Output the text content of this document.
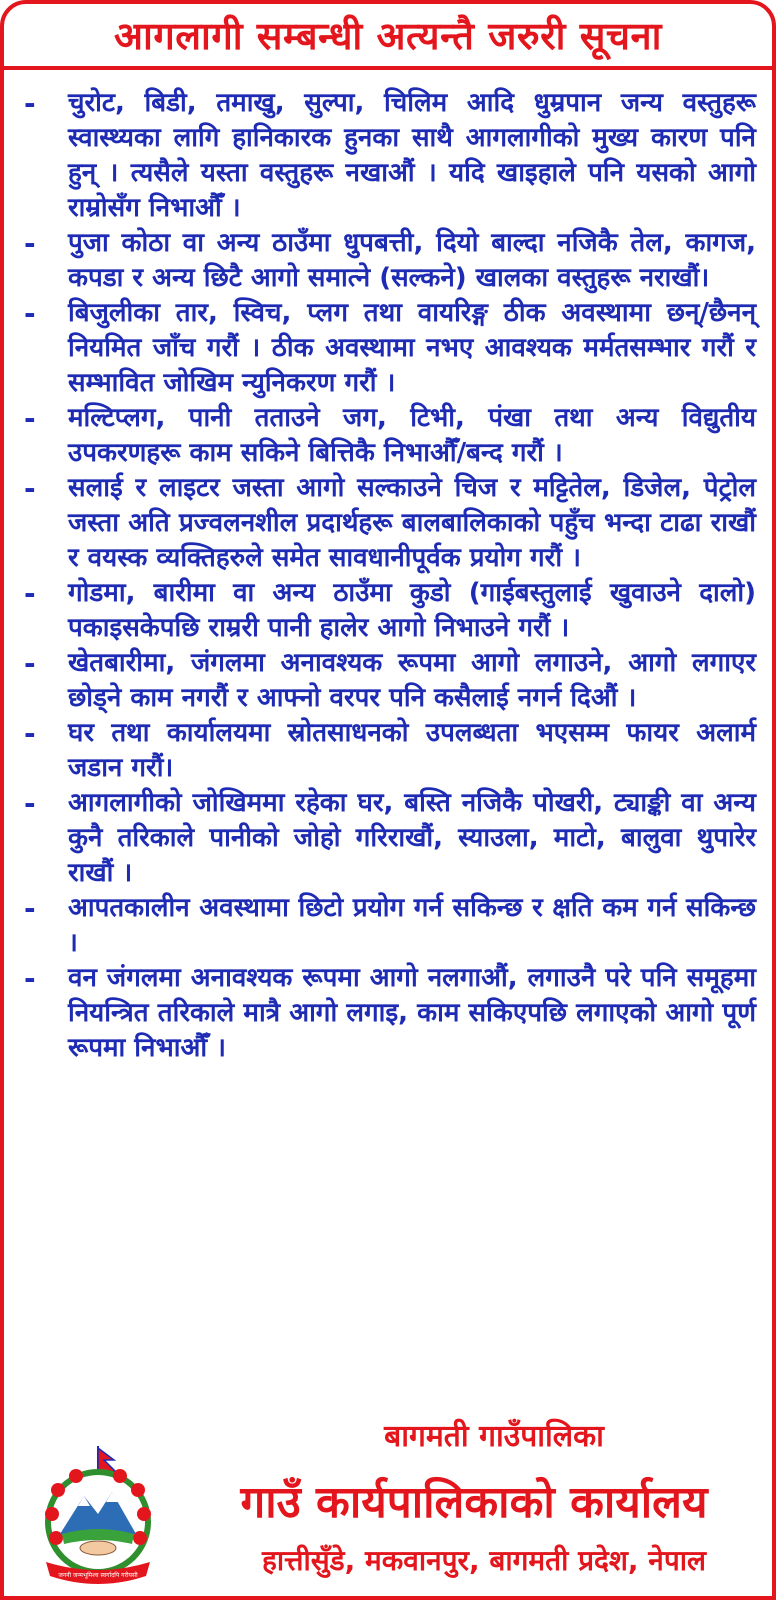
आगलागी सम्बन्धी अत्यन्तै जरुरी सूचना
-	चुरोट, बिडी, तमाखु, सुल्पा, चिलिम आदि धुम्रपान जन्य वस्तुहरू स्वास्थ्यका लागि हानिकारक हुनका साथै आगलागीको मुख्य कारण पनि हुन् । त्यसैले यस्ता वस्तुहरू नखाऔं । यदि खाइहाले पनि यसको आगो राम्रोसँग निभाऔँ ।
-	पुजा कोठा वा अन्य ठाउँमा धुपबत्ती, दियो बाल्दा नजिकै तेल, कागज, कपडा र अन्य छिटै आगो समात्ने (सल्कने) खालका वस्तुहरू नराखौं।
-	बिजुलीका तार, स्विच, प्लग तथा वायरिङ्ग ठीक अवस्थामा छन्/छैनन् नियमित जाँच गरौं । ठीक अवस्थामा नभए आवश्यक मर्मतसम्भार गरौं र सम्भावित जोखिम न्युनिकरण गरौं ।
-	मल्टिप्लग, पानी तताउने जग, टिभी, पंखा तथा अन्य विद्युतीय उपकरणहरू काम सकिने बित्तिकै निभाऔँ/बन्द गरौं ।
-	सलाई र लाइटर जस्ता आगो सल्काउने चिज र मट्टितेल, डिजेल, पेट्रोल जस्ता अति प्रज्वलनशील प्रदार्थहरू बालबालिकाको पहुँच भन्दा टाढा राखौं र वयस्क व्यक्तिहरुले समेत सावधानीपूर्वक प्रयोग गरौं ।
-	गोडमा, बारीमा वा अन्य ठाउँमा कुडो (गाईबस्तुलाई खुवाउने दालो) पकाइसकेपछि राम्ररी पानी हालेर आगो निभाउने गरौं ।
-	खेतबारीमा, जंगलमा अनावश्यक रूपमा आगो लगाउने, आगो लगाएर छोड्ने काम नगरौं र आफ्नो वरपर पनि कसैलाई नगर्न दिऔं ।
-	घर तथा कार्यालयमा स्रोतसाधनको उपलब्धता भएसम्म फायर अलार्म जडान गरौं।
-	आगलागीको जोखिममा रहेका घर, बस्ति नजिकै पोखरी, ट्याङ्की वा अन्य कुनै तरिकाले पानीको जोहो गरिराखौं, स्याउला, माटो, बालुवा थुपारेर राखौं ।
-	आपतकालीन अवस्थामा छिटो प्रयोग गर्न सकिन्छ र क्षति कम गर्न सकिन्छ ।
-	वन जंगलमा अनावश्यक रूपमा आगो नलगाऔं, लगाउनै परे पनि समूहमा नियन्त्रित तरिकाले मात्रै आगो लगाइ, काम सकिएपछि लगाएको आगो पूर्ण रूपमा निभाऔँ ।
जननी जन्मभूमिश्च स्वर्गादपि गरीयसी
बागमती गाउँपालिका
गाउँ कार्यपालिकाको कार्यालय
हात्तीसुँडे, मकवानपुर, बागमती प्रदेश, नेपाल
